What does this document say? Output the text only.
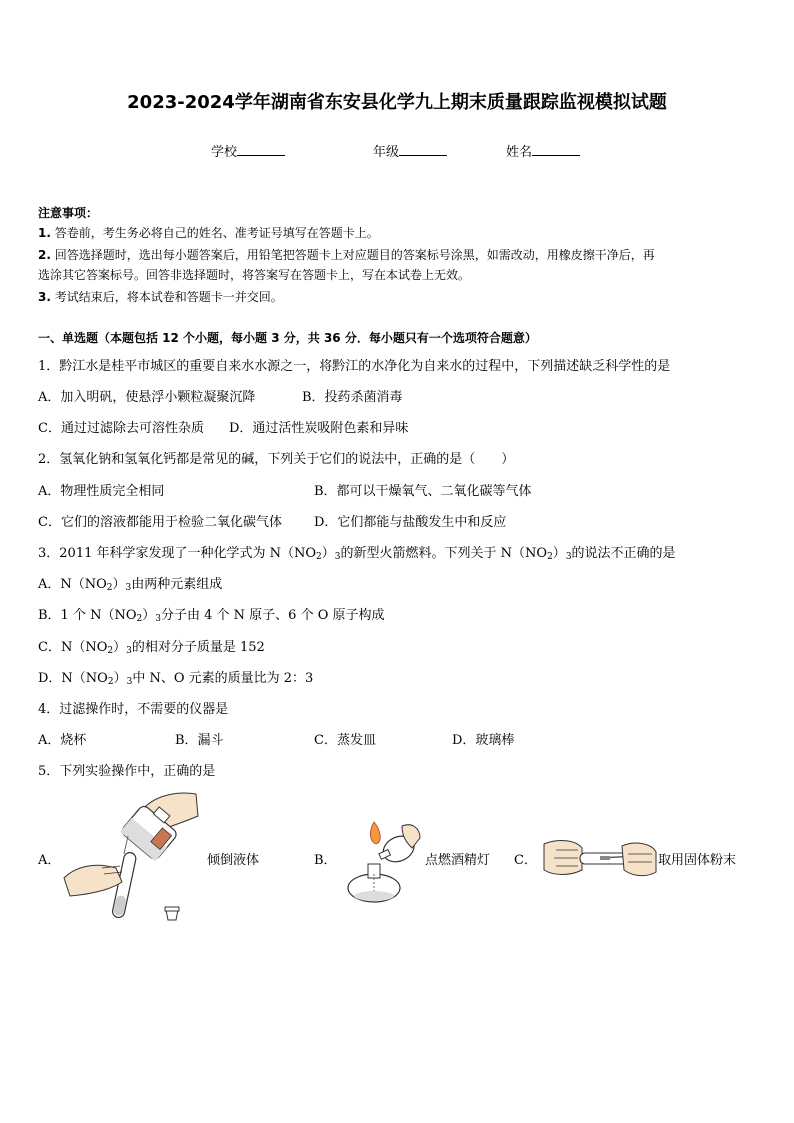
2023-2024学年湖南省东安县化学九上期末质量跟踪监视模拟试题
学校	年级	姓名
注意事项：
1. 答卷前，考生务必将自己的姓名、准考证号填写在答题卡上。
2. 回答选择题时，选出每小题答案后，用铅笔把答题卡上对应题目的答案标号涂黑，如需改动，用橡皮擦干净后，再
选涂其它答案标号。回答非选择题时，将答案写在答题卡上，写在本试卷上无效。
3. 考试结束后，将本试卷和答题卡一并交回。
一、单选题（本题包括 12 个小题，每小题 3 分，共 36 分．每小题只有一个选项符合题意）
1．黔江水是桂平市城区的重要自来水水源之一，将黔江的水净化为自来水的过程中，下列描述缺乏科学性的是
A．加入明矾，使悬浮小颗粒凝聚沉降	B．投药杀菌消毒
C．通过过滤除去可溶性杂质 D．通过活性炭吸附色素和异味
2．氢氧化钠和氢氧化钙都是常见的碱，下列关于它们的说法中，正确的是（　　）
A．物理性质完全相同	B．都可以干燥氧气、二氧化碳等气体
C．它们的溶液都能用于检验二氧化碳气体 D．它们都能与盐酸发生中和反应
3．2011 年科学家发现了一种化学式为 N（NO2）3的新型火箭燃料。下列关于 N（NO2）3的说法不正确的是
A．N（NO2）3由两种元素组成
B．1 个 N（NO2）3分子由 4 个 N 原子、6 个 O 原子构成
C．N（NO2）3的相对分子质量是 152
D．N（NO2）3中 N、O 元素的质量比为 2：3
4．过滤操作时，不需要的仪器是
A．烧杯	B．漏斗	C．蒸发皿	D．玻璃棒
5．下列实验操作中，正确的是
A．	倾倒液体	B．	点燃酒精灯 C．	取用固体粉末
